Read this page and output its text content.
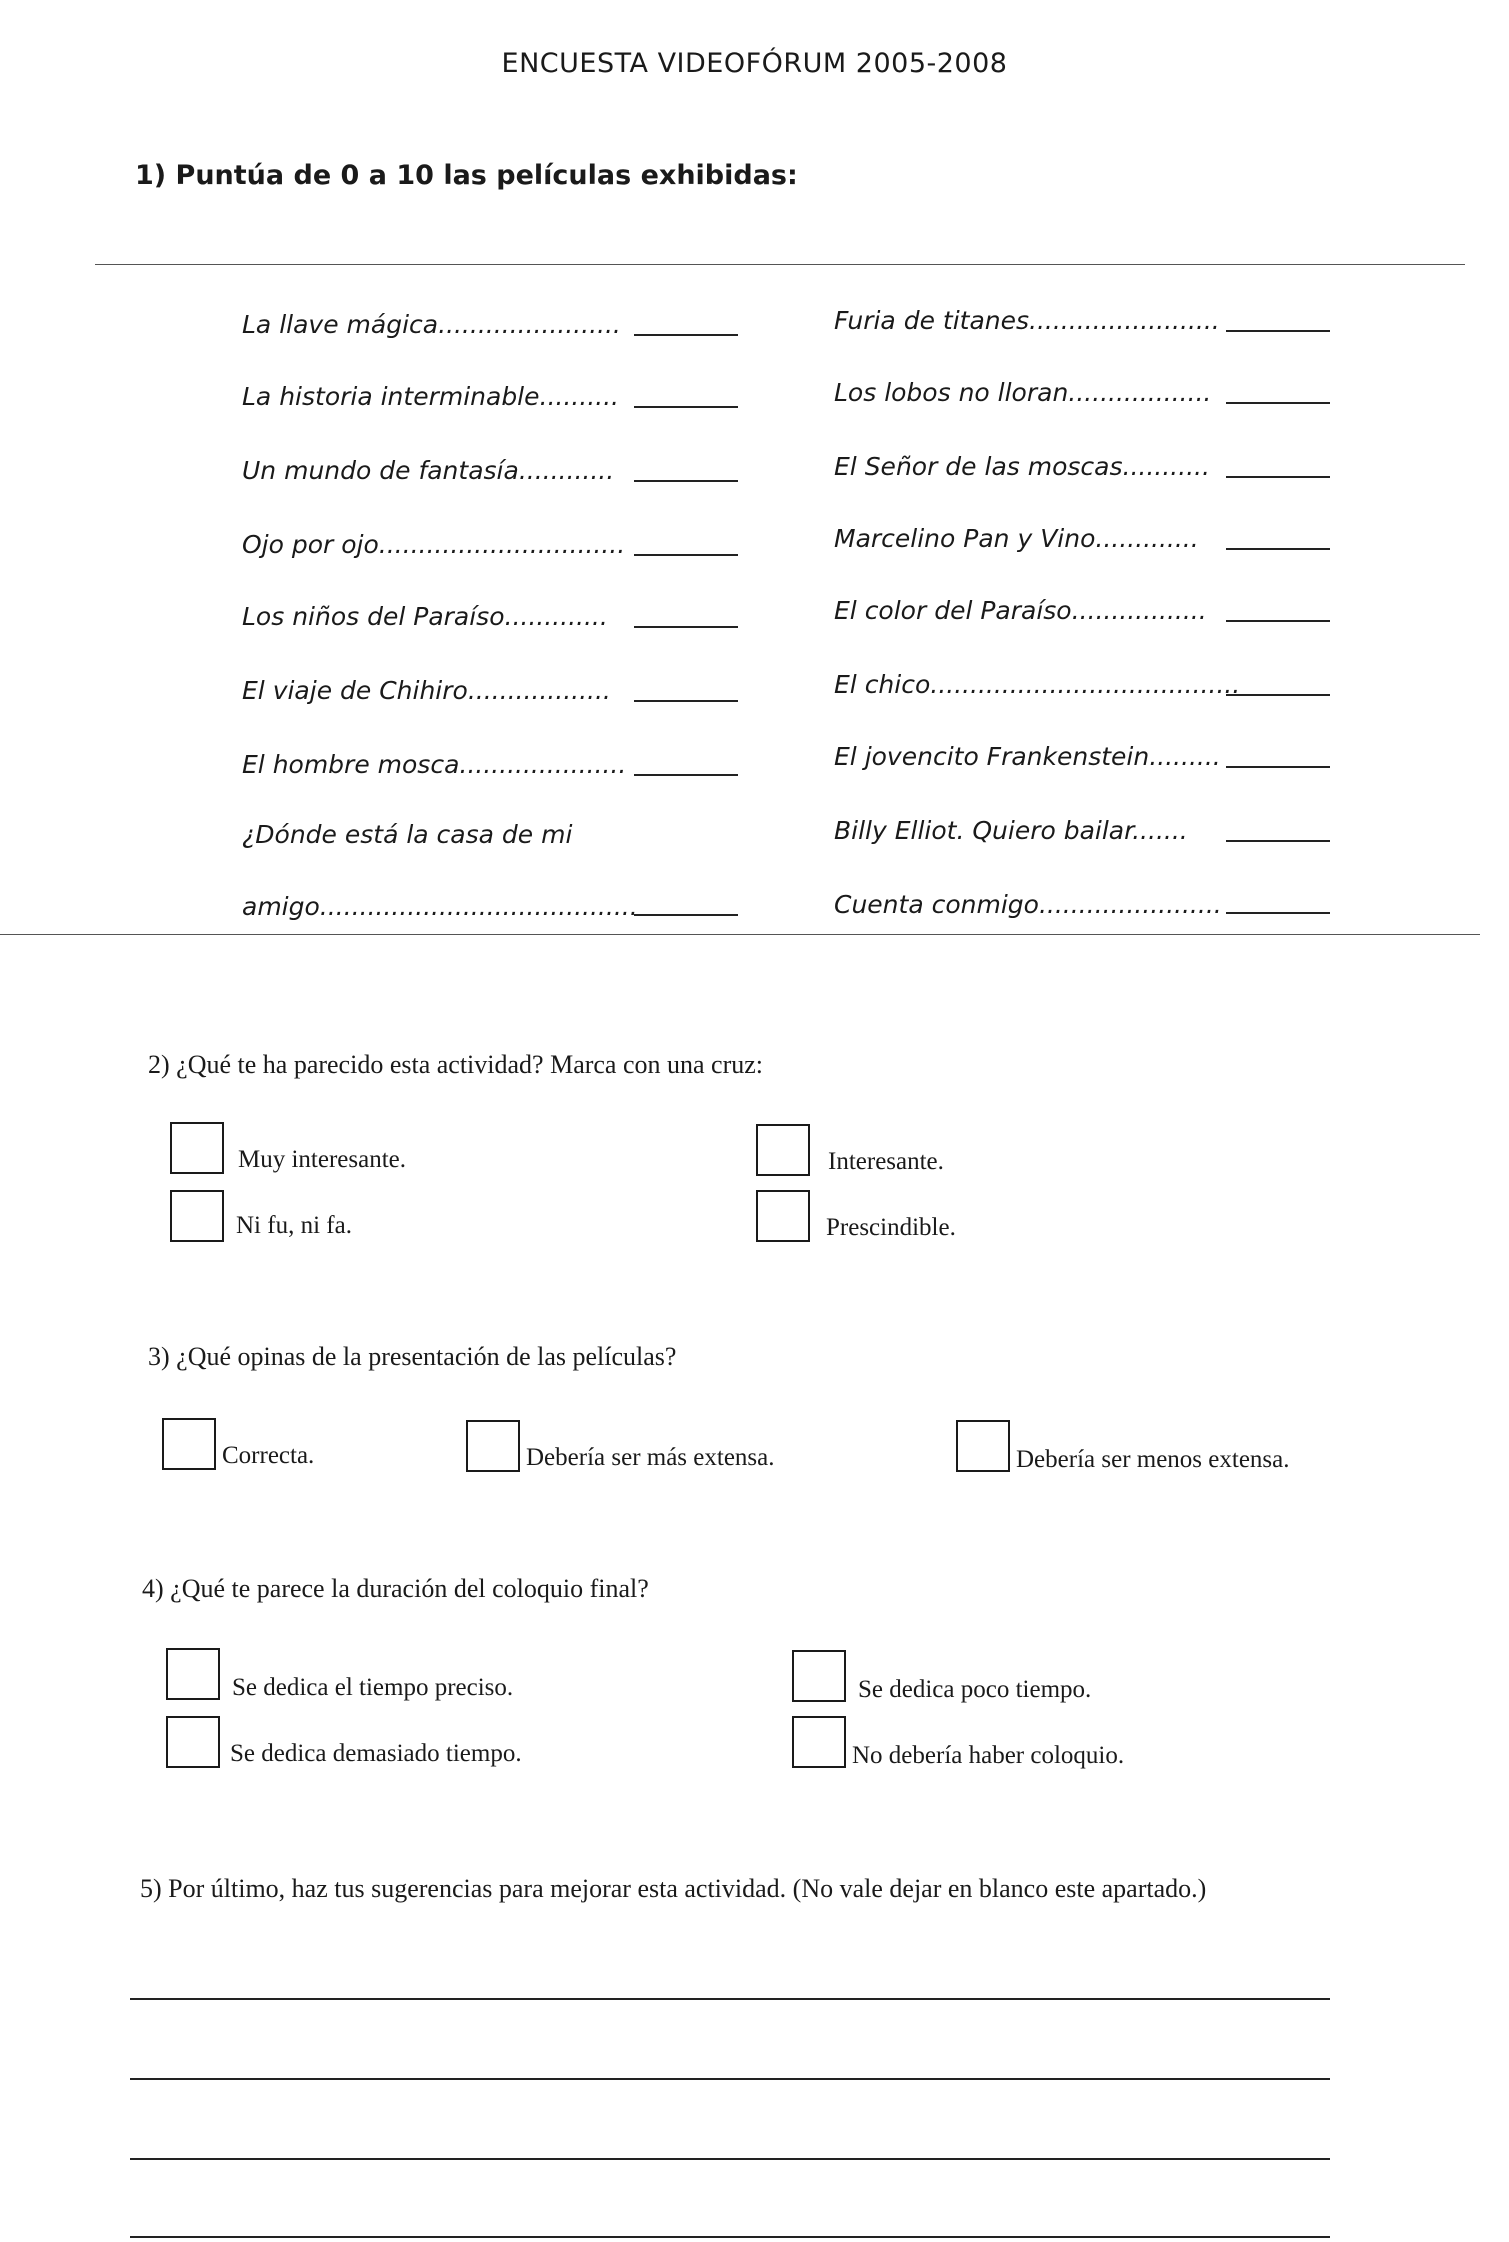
ENCUESTA VIDEOFÓRUM 2005-2008
1) Puntúa de 0 a 10 las películas exhibidas:
La llave mágica.......................
La historia interminable..........
Un mundo de fantasía............
Ojo por ojo...............................
Los niños del Paraíso.............
El viaje de Chihiro..................
El hombre mosca.....................
¿Dónde está la casa de mi
amigo........................................
Furia de titanes........................
Los lobos no lloran..................
El Señor de las moscas...........
Marcelino Pan y Vino.............
El color del Paraíso.................
El chico.......................................
El jovencito Frankenstein.........
Billy Elliot. Quiero bailar.......
Cuenta conmigo.......................
2) ¿Qué te ha parecido esta actividad? Marca con una cruz:
Muy interesante.	Interesante.
Ni fu, ni fa.	Prescindible.
3) ¿Qué opinas de la presentación de las películas?
Correcta.	Debería ser más extensa.	Debería ser menos extensa.
4) ¿Qué te parece la duración del coloquio final?
Se dedica el tiempo preciso.	Se dedica poco tiempo.
Se dedica demasiado tiempo.	No debería haber coloquio.
5) Por último, haz tus sugerencias para mejorar esta actividad. (No vale dejar en blanco este apartado.)
